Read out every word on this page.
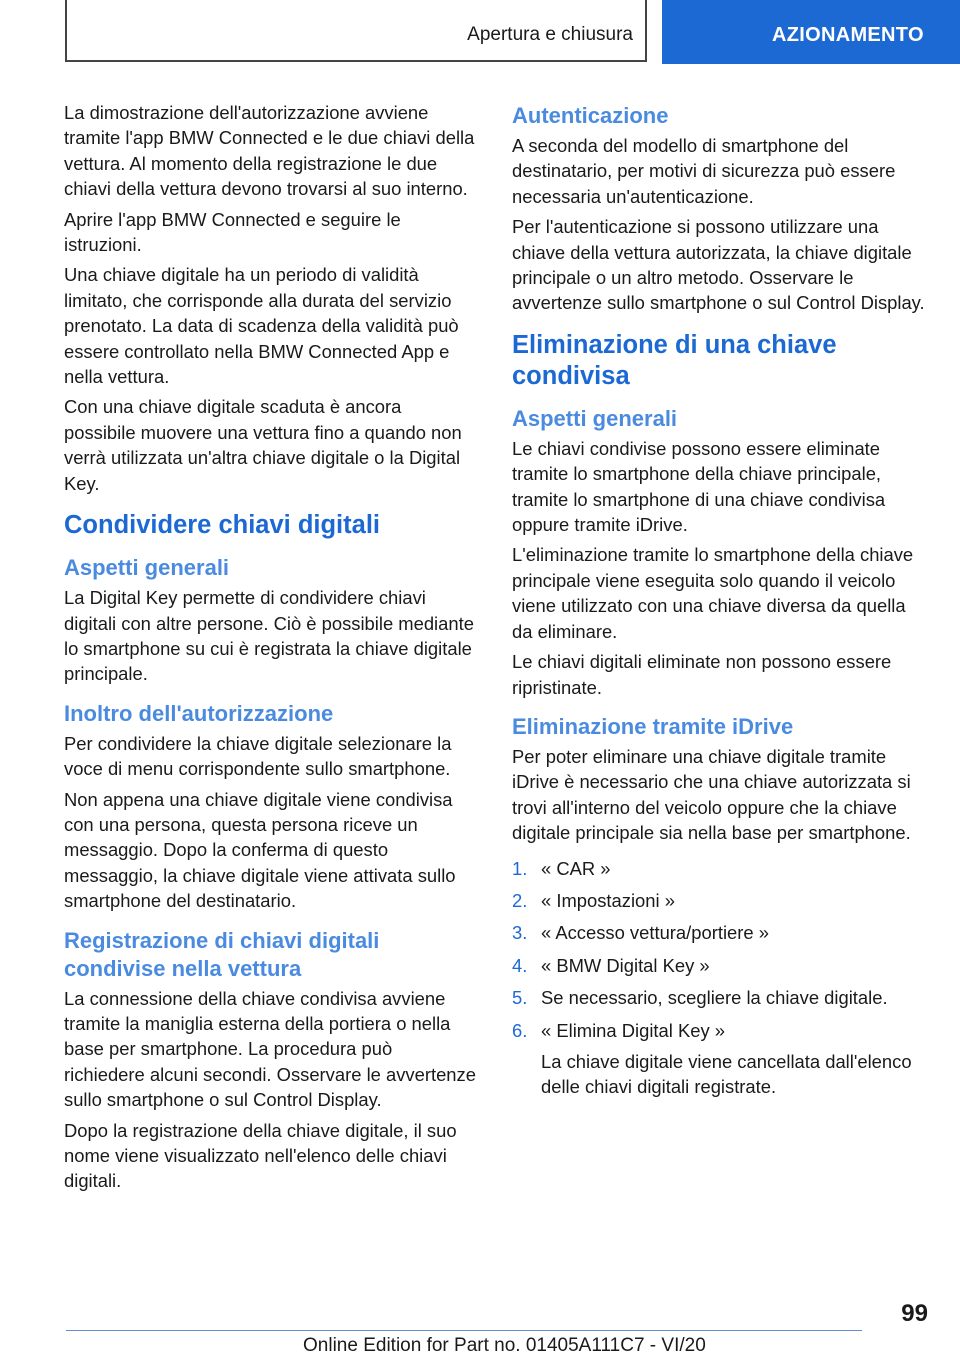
Apertura e chiusura	AZIONAMENTO

La dimostrazione dell'autorizzazione avviene tramite l'app BMW Connected e le due chiavi della vettura. Al momento della registrazione le due chiavi della vettura devono trovarsi al suo interno.

Aprire l'app BMW Connected e seguire le istruzioni.

Una chiave digitale ha un periodo di validità limitato, che corrisponde alla durata del servizio prenotato. La data di scadenza della validità può essere controllato nella BMW Connected App e nella vettura.

Con una chiave digitale scaduta è ancora possibile muovere una vettura fino a quando non verrà utilizzata un'altra chiave digitale o la Digital Key.

Condividere chiavi digitali
Aspetti generali

La Digital Key permette di condividere chiavi digitali con altre persone. Ciò è possibile mediante lo smartphone su cui è registrata la chiave digitale principale.

Inoltro dell'autorizzazione

Per condividere la chiave digitale selezionare la voce di menu corrispondente sullo smartphone.

Non appena una chiave digitale viene condivisa con una persona, questa persona riceve un messaggio. Dopo la conferma di questo messaggio, la chiave digitale viene attivata sullo smartphone del destinatario.

Registrazione di chiavi digitali condivise nella vettura

La connessione della chiave condivisa avviene tramite la maniglia esterna della portiera o nella base per smartphone. La procedura può richiedere alcuni secondi. Osservare le avvertenze sullo smartphone o sul Control Display.

Dopo la registrazione della chiave digitale, il suo nome viene visualizzato nell'elenco delle chiavi digitali.

Autenticazione

A seconda del modello di smartphone del destinatario, per motivi di sicurezza può essere necessaria un'autenticazione.

Per l'autenticazione si possono utilizzare una chiave della vettura autorizzata, la chiave digitale principale o un altro metodo. Osservare le avvertenze sullo smartphone o sul Control Display.

Eliminazione di una chiave condivisa
Aspetti generali

Le chiavi condivise possono essere eliminate tramite lo smartphone della chiave principale, tramite lo smartphone di una chiave condivisa oppure tramite iDrive.

L'eliminazione tramite lo smartphone della chiave principale viene eseguita solo quando il veicolo viene utilizzato con una chiave diversa da quella da eliminare.

Le chiavi digitali eliminate non possono essere ripristinate.

Eliminazione tramite iDrive

Per poter eliminare una chiave digitale tramite iDrive è necessario che una chiave autorizzata si trovi all'interno del veicolo oppure che la chiave digitale principale sia nella base per smartphone.

1. « CAR »
2. « Impostazioni »
3. « Accesso vettura/portiere »
4. « BMW Digital Key »
5. Se necessario, scegliere la chiave digitale.
6. « Elimina Digital Key »
La chiave digitale viene cancellata dall'elenco delle chiavi digitali registrate.
99
Online Edition for Part no. 01405A111C7 - VI/20
